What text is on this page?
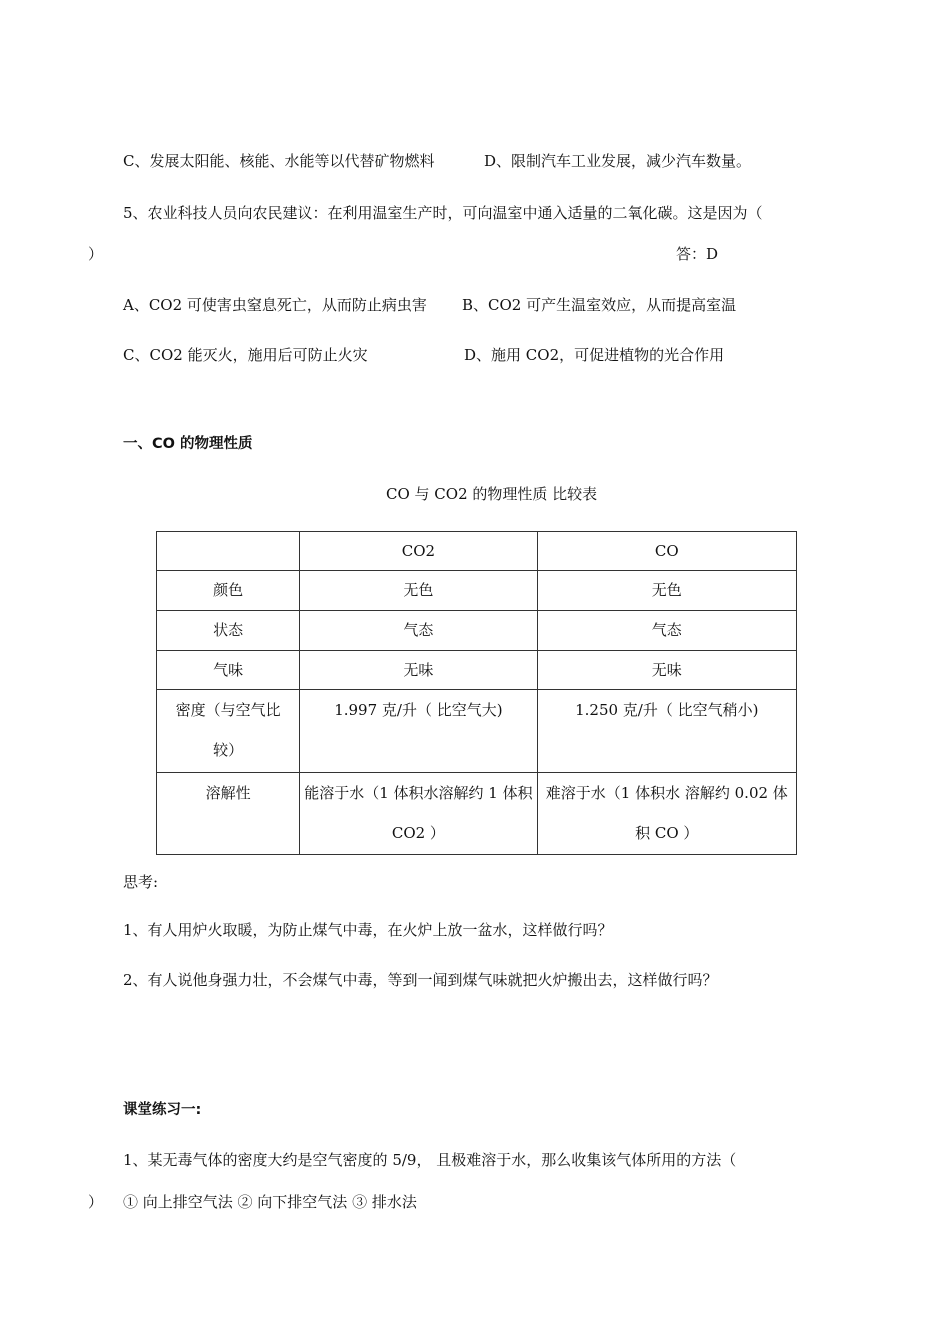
C、发展太阳能、核能、水能等以代替矿物燃料	D、限制汽车工业发展，减少汽车数量。
5、农业科技人员向农民建议：在利用温室生产时，可向温室中通入适量的二氧化碳。这是因为（
）	答：D
A、CO2 可使害虫窒息死亡，从而防止病虫害 B、CO2 可产生温室效应，从而提高室温
C、CO2 能灭火，施用后可防止火灾	D、施用 CO2，可促进植物的光合作用
一、CO 的物理性质
CO 与 CO2 的物理性质 比较表
	CO2	CO
颜色	无色	无色
状态	气态	气态
气味	无味	无味
密度（与空气比较）	1.997 克/升（ 比空气大)	1.250 克/升（ 比空气稍小)
溶解性	能溶于水（1 体积水溶解约 1 体积 CO2 ）	难溶于水（1 体积水 溶解约 0.02 体积 CO ）
思考:
1、有人用炉火取暖，为防止煤气中毒，在火炉上放一盆水，这样做行吗？
2、有人说他身强力壮，不会煤气中毒，等到一闻到煤气味就把火炉搬出去，这样做行吗？
课堂练习一:
1、某无毒气体的密度大约是空气密度的 5/9， 且极难溶于水，那么收集该气体所用的方法（
） ① 向上排空气法 ② 向下排空气法 ③ 排水法
